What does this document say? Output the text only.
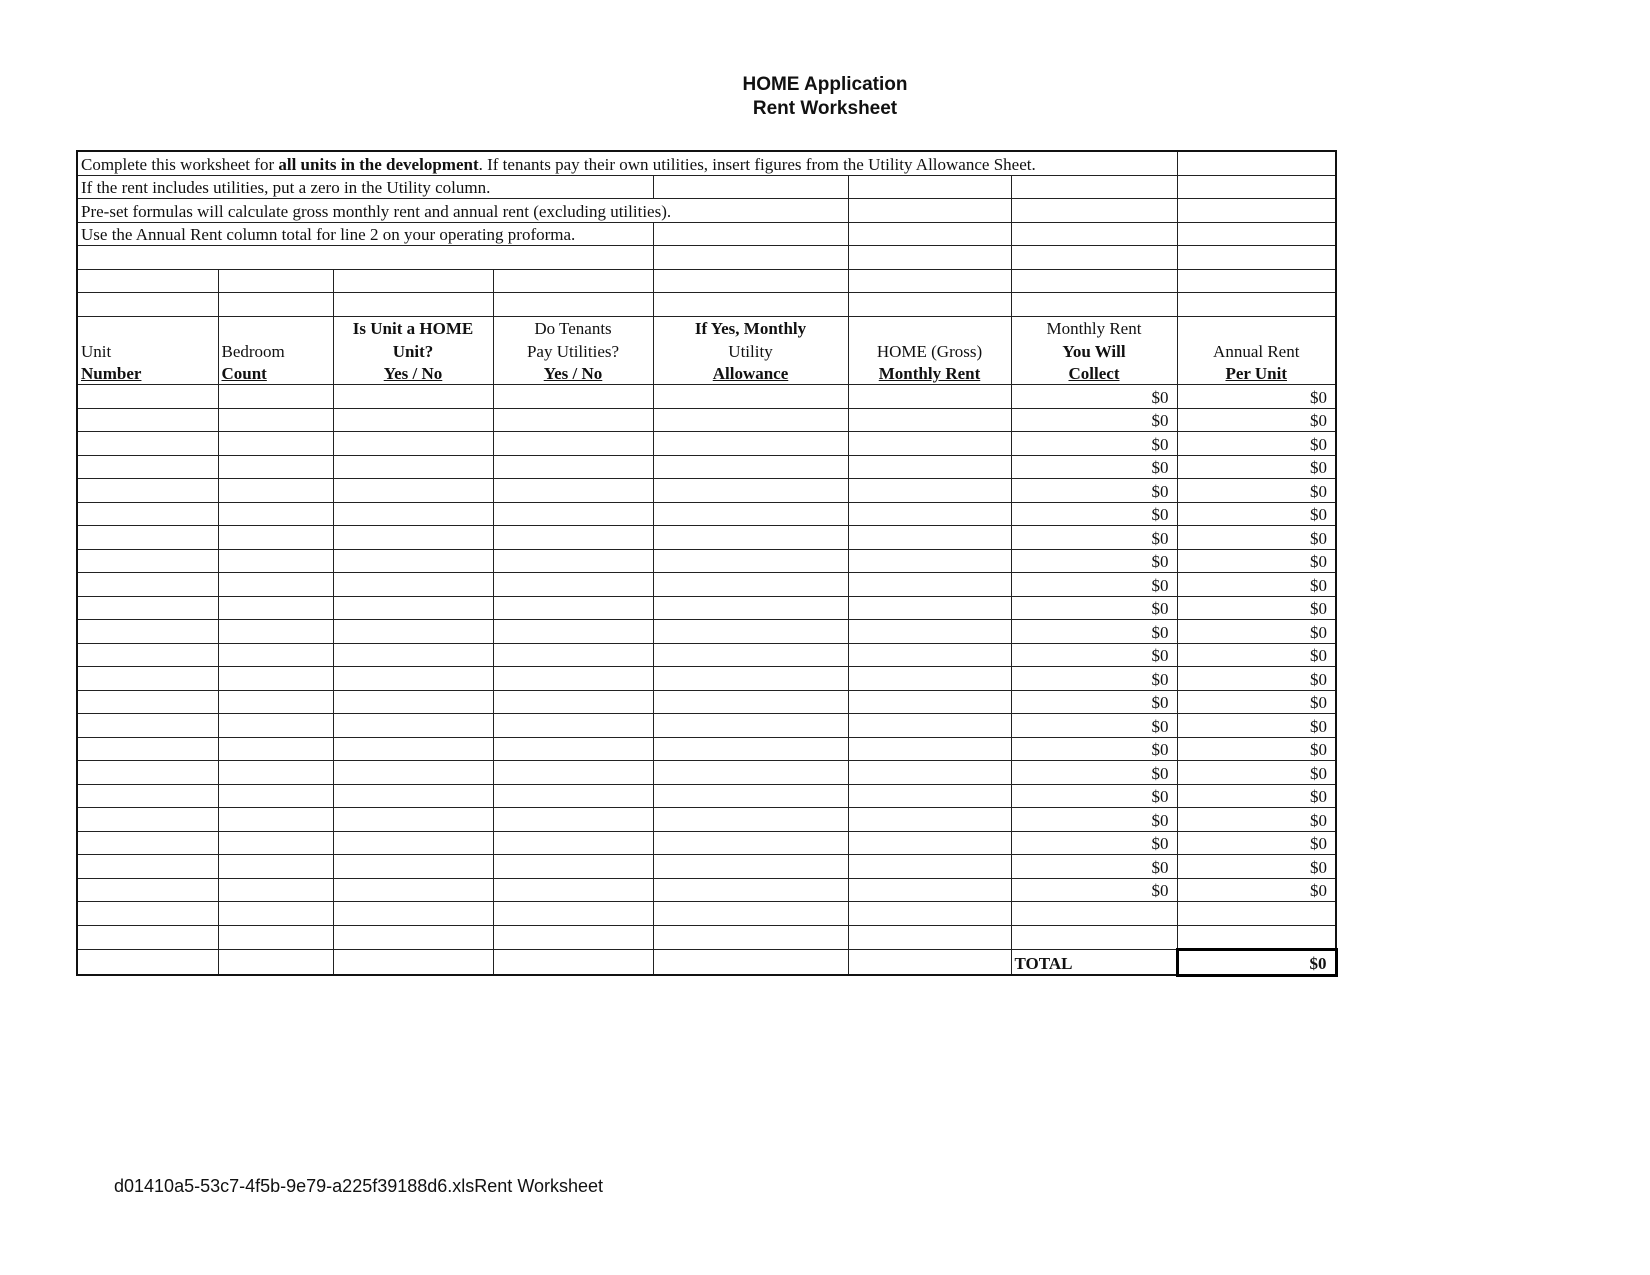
HOME Application
Rent Worksheet
Complete this worksheet for all units in the development. If tenants pay their own utilities, insert figures from the Utility Allowance Sheet.							
If the rent includes utilities, put a zero in the Utility column.							
Pre-set formulas will calculate gross monthly rent and annual rent (excluding utilities).							
Use the Annual Rent column total for line 2 on your operating proforma.							

		Is Unit a HOME	Do Tenants	If Yes, Monthly		Monthly Rent	
Unit	Bedroom	Unit?	Pay Utilities?	Utility	HOME (Gross)	You Will	Annual Rent
Number	Count	Yes / No	Yes / No	Allowance	Monthly Rent	Collect	Per Unit
						$0	$0
						$0	$0
						$0	$0
						$0	$0
						$0	$0
						$0	$0
						$0	$0
						$0	$0
						$0	$0
						$0	$0
						$0	$0
						$0	$0
						$0	$0
						$0	$0
						$0	$0
						$0	$0
						$0	$0
						$0	$0
						$0	$0
						$0	$0
						$0	$0
						$0	$0

						TOTAL	$0
d01410a5-53c7-4f5b-9e79-a225f39188d6.xlsRent Worksheet
